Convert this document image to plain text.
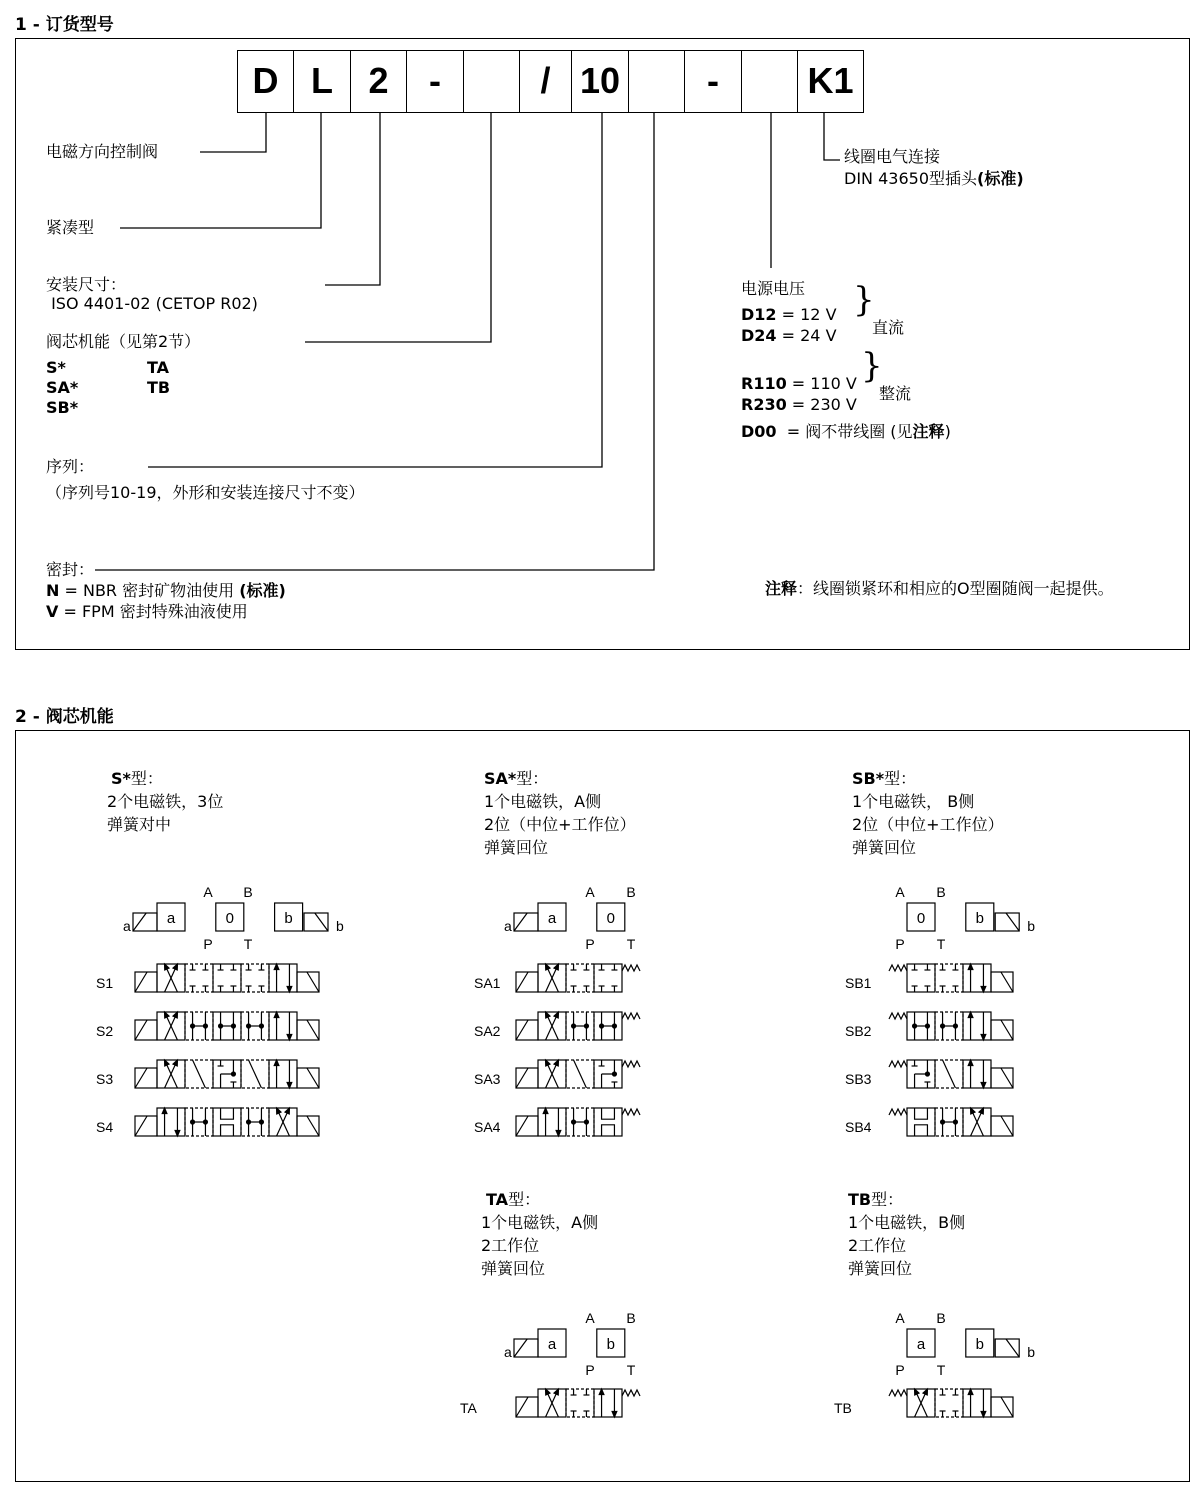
1 - 订货型号
D L 2	-	/ 10	-	K1
电磁方向控制阀
紧凑型
安装尺寸：
ISO 4401-02 (CETOP R02)
阀芯机能（见第2节）
S*
SA*
SB*
TA
TB
序列：
（序列号10-19，外形和安装连接尺寸不变）
密封：
N = NBR 密封矿物油使用 (标准)
V = FPM 密封特殊油液使用
线圈电气连接
DIN 43650型插头(标准)
电源电压
D12 = 12 V
D24 = 24 V
R110 = 110 V
R230 = 230 V
}
}
直流
整流
D00  = 阀不带线圈 (见注释)
注释：线圈锁紧环和相应的O型圈随阀一起提供。
2 - 阀芯机能
S*型：
2个电磁铁，3位
弹簧对中
SA*型：
1个电磁铁，A侧
2位（中位+工作位）
弹簧回位
SB*型：
1个电磁铁， B侧
2位（中位+工作位）
弹簧回位
TA型：
1个电磁铁，A侧
2工作位
弹簧回位
TB型：
1个电磁铁，B侧
2工作位
弹簧回位
a	0	b
a	b
A B
P T
S1
S2
S3
S4
a	0
a
A B
P T
SA1
SA2
SA3
SA4
0	b	b
A B
P T
SB1
SB2
SB3
SB4
a	b
a
A B
P T
TA
a	b	b
A B
P T
TB
